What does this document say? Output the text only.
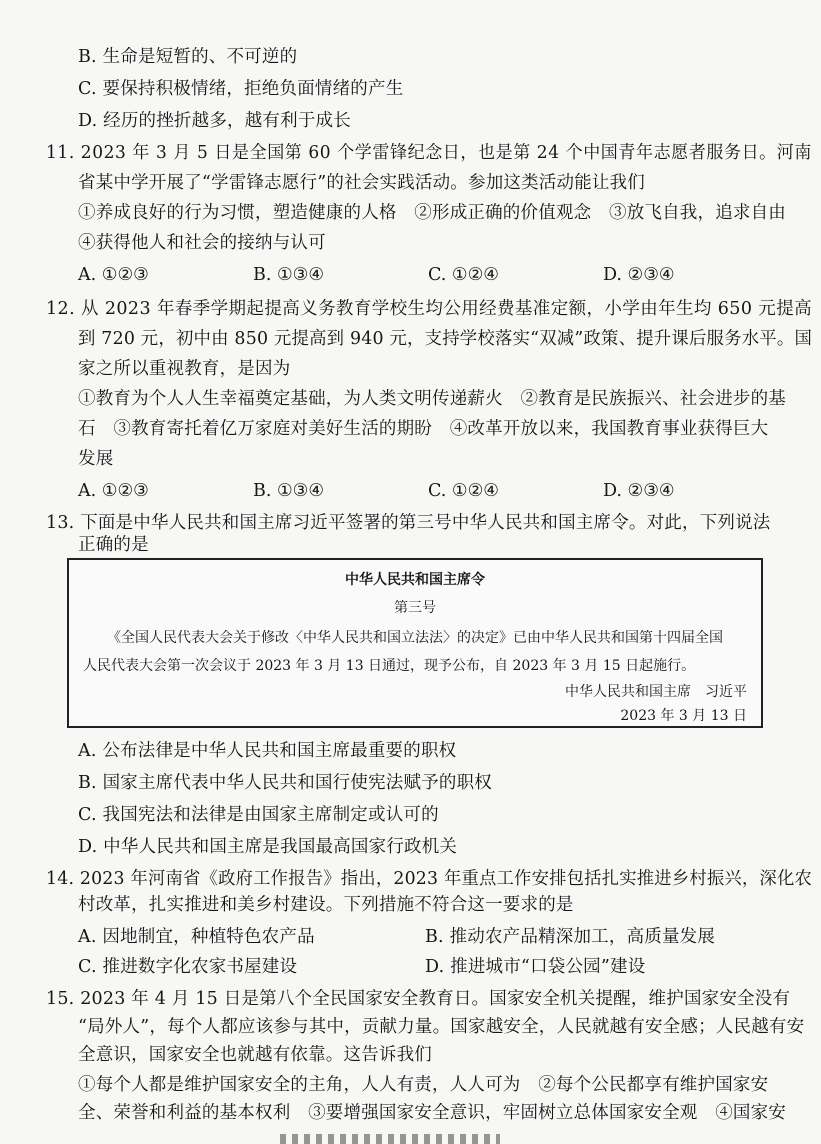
B. 生命是短暂的、不可逆的
C. 要保持积极情绪，拒绝负面情绪的产生
D. 经历的挫折越多，越有利于成长
11. 2023 年 3 月 5 日是全国第 60 个学雷锋纪念日，也是第 24 个中国青年志愿者服务日。河南
省某中学开展了“学雷锋志愿行”的社会实践活动。参加这类活动能让我们
①养成良好的行为习惯，塑造健康的人格　②形成正确的价值观念　③放飞自我，追求自由
④获得他人和社会的接纳与认可
A. ①②③	B. ①③④	C. ①②④	D. ②③④
12. 从 2023 年春季学期起提高义务教育学校生均公用经费基准定额，小学由年生均 650 元提高
到 720 元，初中由 850 元提高到 940 元，支持学校落实“双减”政策、提升课后服务水平。国
家之所以重视教育，是因为
①教育为个人人生幸福奠定基础，为人类文明传递薪火　②教育是民族振兴、社会进步的基
石　③教育寄托着亿万家庭对美好生活的期盼　④改革开放以来，我国教育事业获得巨大
发展
A. ①②③	B. ①③④	C. ①②④	D. ②③④
13. 下面是中华人民共和国主席习近平签署的第三号中华人民共和国主席令。对此，下列说法
正确的是
中华人民共和国主席令
第三号
《全国人民代表大会关于修改〈中华人民共和国立法法〉的决定》已由中华人民共和国第十四届全国
人民代表大会第一次会议于 2023 年 3 月 13 日通过，现予公布，自 2023 年 3 月 15 日起施行。
中华人民共和国主席　习近平
2023 年 3 月 13 日
A. 公布法律是中华人民共和国主席最重要的职权
B. 国家主席代表中华人民共和国行使宪法赋予的职权
C. 我国宪法和法律是由国家主席制定或认可的
D. 中华人民共和国主席是我国最高国家行政机关
14. 2023 年河南省《政府工作报告》指出，2023 年重点工作安排包括扎实推进乡村振兴，深化农
村改革，扎实推进和美乡村建设。下列措施不符合这一要求的是
A. 因地制宜，种植特色农产品	B. 推动农产品精深加工，高质量发展
C. 推进数字化农家书屋建设	D. 推进城市“口袋公园”建设
15. 2023 年 4 月 15 日是第八个全民国家安全教育日。国家安全机关提醒，维护国家安全没有
“局外人”，每个人都应该参与其中，贡献力量。国家越安全，人民就越有安全感；人民越有安
全意识，国家安全也就越有依靠。这告诉我们
①每个人都是维护国家安全的主角，人人有责，人人可为　②每个公民都享有维护国家安
全、荣誉和利益的基本权利　③要增强国家安全意识，牢固树立总体国家安全观　④国家安
